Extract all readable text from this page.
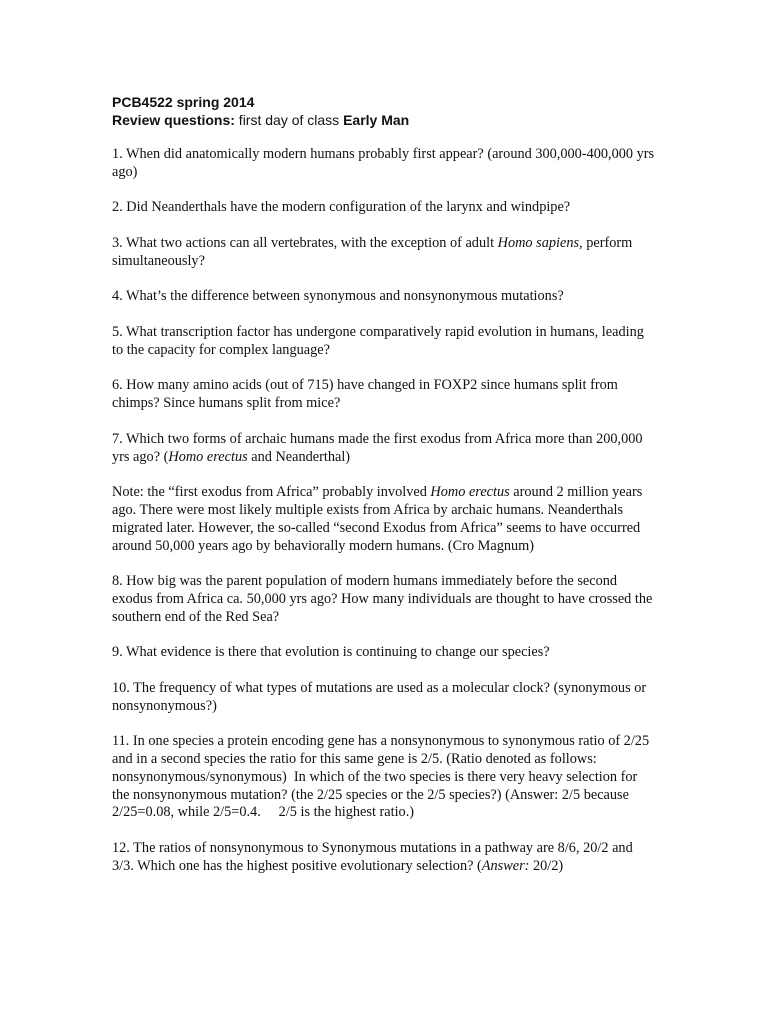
PCB4522 spring 2014
Review questions: first day of class Early Man

1. When did anatomically modern humans probably first appear? (around 300,000-400,000 yrs ago)

2. Did Neanderthals have the modern configuration of the larynx and windpipe?

3. What two actions can all vertebrates, with the exception of adult Homo sapiens, perform simultaneously?

4. What’s the difference between synonymous and nonsynonymous mutations?

5. What transcription factor has undergone comparatively rapid evolution in humans, leading to the capacity for complex language?

6. How many amino acids (out of 715) have changed in FOXP2 since humans split from chimps? Since humans split from mice?

7. Which two forms of archaic humans made the first exodus from Africa more than 200,000 yrs ago? (Homo erectus and Neanderthal)

Note: the “first exodus from Africa” probably involved Homo erectus around 2 million years ago. There were most likely multiple exists from Africa by archaic humans. Neanderthals migrated later. However, the so-called “second Exodus from Africa” seems to have occurred around 50,000 years ago by behaviorally modern humans. (Cro Magnum)

8. How big was the parent population of modern humans immediately before the second exodus from Africa ca. 50,000 yrs ago? How many individuals are thought to have crossed the southern end of the Red Sea?

9. What evidence is there that evolution is continuing to change our species?

10. The frequency of what types of mutations are used as a molecular clock? (synonymous or nonsynonymous?)

11. In one species a protein encoding gene has a nonsynonymous to synonymous ratio of 2/25 and in a second species the ratio for this same gene is 2/5. (Ratio denoted as follows: nonsynonymous/synonymous)  In which of the two species is there very heavy selection for the nonsynonymous mutation? (the 2/25 species or the 2/5 species?) (Answer: 2/5 because 2/25=0.08, while 2/5=0.4.     2/5 is the highest ratio.)

12. The ratios of nonsynonymous to Synonymous mutations in a pathway are 8/6, 20/2 and 3/3. Which one has the highest positive evolutionary selection? (Answer: 20/2)
